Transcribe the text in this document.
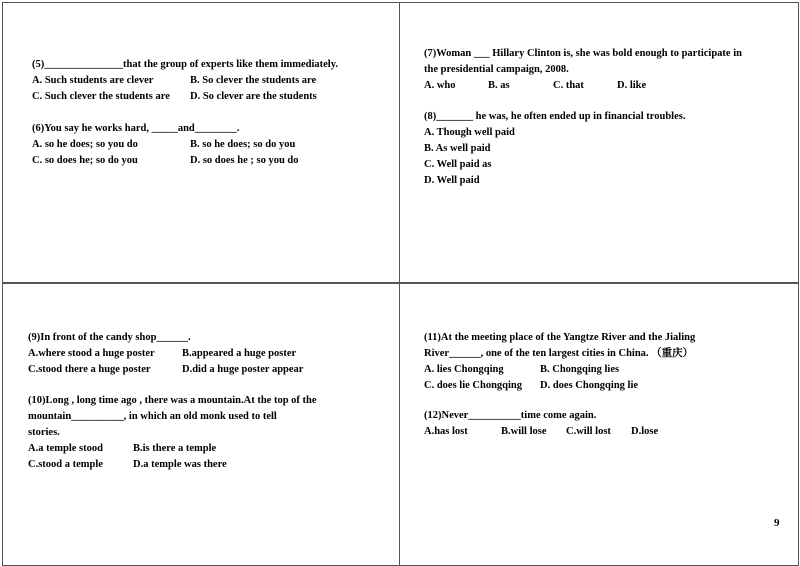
(5)_______________that the group of experts like them immediately.
A. Such students are clever	B. So clever the students are
C. Such clever the students are D. So clever are the students
(6)You say he works hard, _____and________.
A. so he does; so you do	B. so he does; so do you
C. so does he; so do you	D. so does he ; so you do
(7)Woman ___ Hillary Clinton is, she was bold enough to participate in
the presidential campaign, 2008.
A. who	B. as	C. that	D. like
(8)_______ he was, he often ended up in financial troubles.
A. Though well paid
B. As well paid
C. Well paid as
D. Well paid
(9)In front of the candy shop______.
A.where stood a huge poster	B.appeared a huge poster
C.stood there a huge poster	D.did a huge poster appear
(10)Long , long time ago , there was a mountain.At the top of the
mountain__________, in which an old monk used to tell
stories.
A.a temple stood	B.is there a temple
C.stood a temple	D.a temple was there
(11)At the meeting place of the Yangtze River and the Jialing
River______, one of the ten largest cities in China. （重庆）
A. lies Chongqing	B. Chongqing lies
C. does lie Chongqing D. does Chongqing lie
(12)Never__________time come again.
A.has lost	B.will lose C.will lost D.lose
9
